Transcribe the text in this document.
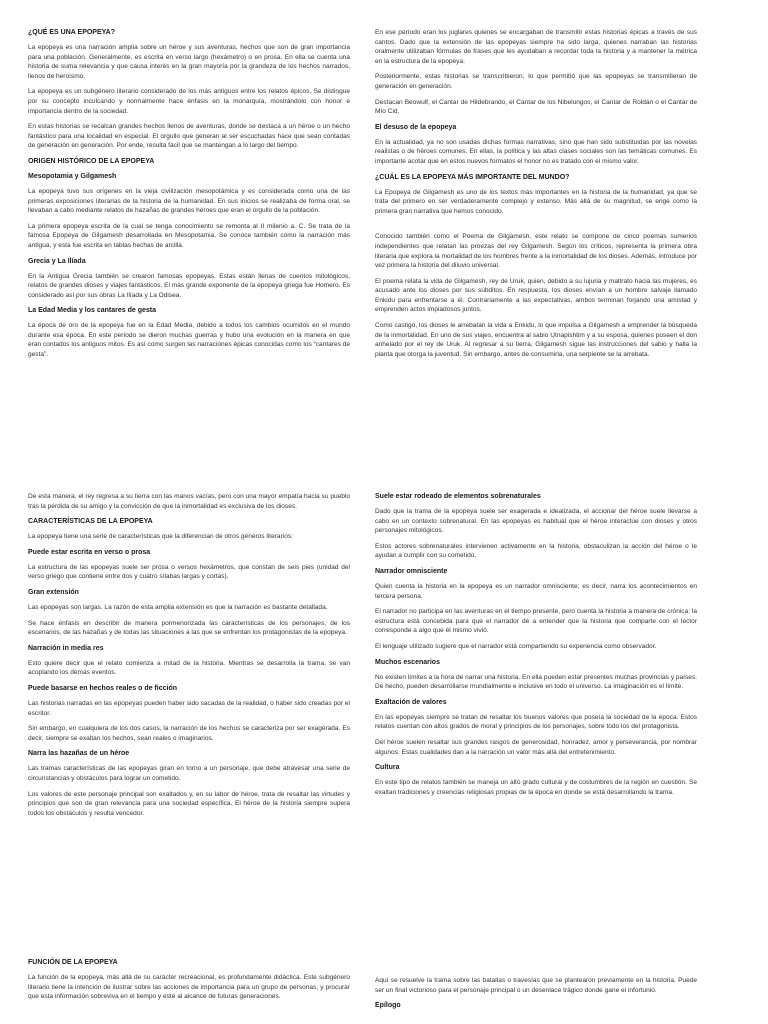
¿QUÉ ES UNA EPOPEYA?

La epopeya es una narración amplia sobre un héroe y sus aventuras, hechos que son de gran importancia para una población. Generalmente, es escrita en verso largo (hexámetro) o en prosa. En ella se cuenta una historia de suma relevancia y que causa interés en la gran mayoría por la grandeza de los hechos narrados, llenos de heroísmo.

La epopeya es un subgénero literario considerado de los más antiguos entre los relatos épicos. Se distingue por su concepto inculcando y normalmente hace énfasis en la monarquía, mostrándolo con honor e importancia dentro de la sociedad.

En estas historias se recalcan grandes hechos llenos de aventuras, donde se destaca a un héroe o un hecho fantástico para una localidad en especial. El orgullo que generan al ser escuchadas hace que sean contadas de generación en generación. Por ende, resulta fácil que se mantengan a lo largo del tiempo.

ORIGEN HISTÓRICO DE LA EPOPEYA
Mesopotamia y Gilgamesh

La epopeya tuvo sus orígenes en la vieja civilización mesopotámica y es considerada como una de las primeras exposiciones literarias de la historia de la humanidad. En sus inicios se realizaba de forma oral, se llevaban a cabo mediante relatos de hazañas de grandes héroes que eran el orgullo de la población.

La primera epopeya escrita de la cual se tenga conocimiento se remonta al II milenio a. C. Se trata de la famosa Epopeya de Gilgamesh desarrollada en Mesopotamia. Se conoce también como la narración más antigua, y esta fue escrita en tablas hechas de arcilla.

Grecia y La Ilíada

En la Antigua Grecia también se crearon famosas epopeyas. Estas están llenas de cuentos mitológicos, relatos de grandes dioses y viajes fantásticos. El más grande exponente de la epopeya griega fue Homero. Es considerado así por sus obras La Ilíada y La Odisea.

La Edad Media y los cantares de gesta

La época de oro de la epopeya fue en la Edad Media, debido a todos los cambios ocurridos en el mundo durante esa época. En este período se dieron muchas guerras y hubo una evolución en la manera en que eran contados los antiguos mitos. Es así como surgen las narraciones épicas conocidas como los “cantares de gesta”.

En ese período eran los juglares quienes se encargaban de transmitir estas historias épicas a través de sus cantos. Dado que la extensión de las epopeyas siempre ha sido larga, quienes narraban las historias oralmente utilizaban fórmulas de frases que les ayudaban a recordar toda la historia y a mantener la métrica en la estructura de la epopeya.

Posteriormente, estas historias se transcribieron, lo que permitió que las epopeyas se transmitieran de generación en generación.

Destacan Beowulf, el Cantar de Hildebrando, el Cantar de los Nibelungos, el Cantar de Roldán o el Cantar de Mío Cid.

El desuso de la epopeya

En la actualidad, ya no son usadas dichas formas narrativas, sino que han sido substituidas por las novelas realistas o de héroes comunes. En ellas, la política y las altas clases sociales son las temáticas comunes. Es importante acotar que en estos nuevos formatos el honor no es tratado con el mismo valor.

¿CUÁL ES LA EPOPEYA MÁS IMPORTANTE DEL MUNDO?

La Epopeya de Gilgamesh es uno de los textos más importantes en la historia de la humanidad, ya que se trata del primero en ser verdaderamente complejo y extenso. Más allá de su magnitud, se erige como la primera gran narrativa que hemos conocido.

Conocido también como el Poema de Gilgamesh, este relato se compone de cinco poemas sumerios independientes que relatan las proezas del rey Gilgamesh. Según los críticos, representa la primera obra literaria que explora la mortalidad de los hombres frente a la inmortalidad de los dioses. Además, introduce por vez primera la historia del diluvio universal.

El poema relata la vida de Gilgamesh, rey de Uruk, quien, debido a su lujuria y maltrato hacia las mujeres, es acusado ante los dioses por sus súbditos. En respuesta, los dioses envían a un hombre salvaje llamado Enkidu para enfrentarse a él. Contrariamente a las expectativas, ambos terminan forjando una amistad y emprenden actos impiadosos juntos.

Como castigo, los dioses le arrebatan la vida a Enkidu, lo que impulsa a Gilgamesh a emprender la búsqueda de la inmortalidad. En uno de sus viajes, encuentra al sabio Utnapishtim y a su esposa, quienes poseen el don anhelado por el rey de Uruk. Al regresar a su tierra, Gilgamesh sigue las instrucciones del sabio y halla la planta que otorga la juventud. Sin embargo, antes de consumirla, una serpiente se la arrebata.

De esta manera, el rey regresa a su tierra con las manos vacías, pero con una mayor empatía hacia su pueblo tras la pérdida de su amigo y la convicción de que la inmortalidad es exclusiva de los dioses.

CARACTERÍSTICAS DE LA EPOPEYA

La epopeya tiene una serie de características que la diferencian de otros géneros literarios:

Puede estar escrita en verso o prosa

La estructura de las epopeyas suele ser prosa o versos hexámetros, que constan de seis pies (unidad del verso griego que contiene entre dos y cuatro sílabas largas y cortas).

Gran extensión

Las epopeyas son largas. La razón de esta amplia extensión es que la narración es bastante detallada.

Se hace énfasis en describir de manera pormenorizada las características de los personajes, de los escenarios, de las hazañas y de todas las situaciones a las que se enfrentan los protagonistas de la epopeya.

Narración in media res

Esto quiere decir que el relato comienza a mitad de la historia. Mientras se desarrolla la trama, se van acoplando los demás eventos.

Puede basarse en hechos reales o de ficción

Las historias narradas en las epopeyas pueden haber sido sacadas de la realidad, o haber sido creadas por el escritor.

Sin embargo, en cualquiera de los dos casos, la narración de los hechos se caracteriza por ser exagerada. Es decir, siempre se exaltan los hechos, sean reales o imaginarios.

Narra las hazañas de un héroe

Las tramas características de las epopeyas giran en torno a un personaje, que debe atravesar una serie de circunstancias y obstáculos para lograr un cometido.

Los valores de este personaje principal son exaltados y, en su labor de héroe, trata de resaltar las virtudes y principios que son de gran relevancia para una sociedad específica. El héroe de la historia siempre supera todos los obstáculos y resulta vencedor.

Suele estar rodeado de elementos sobrenaturales

Dado que la trama de la epopeya suele ser exagerada e idealizada, el accionar del héroe suele llevarse a cabo en un contexto sobrenatural. En las epopeyas es habitual que el héroe interactúe con dioses y otros personajes mitológicos.

Estos actores sobrenaturales intervienen activamente en la historia, obstaculizan la acción del héroe o le ayudan a cumplir con su cometido.

Narrador omnisciente

Quien cuenta la historia en la epopeya es un narrador omnisciente; es decir, narra los acontecimientos en tercera persona.

El narrador no participa en las aventuras en el tiempo presente, pero cuenta la historia a manera de crónica: la estructura está concebida para que el narrador dé a entender que la historia que comparte con el lector corresponde a algo que él mismo vivió.

El lenguaje utilizado sugiere que el narrador está compartiendo su experiencia como observador.

Muchos escenarios

No existen límites a la hora de narrar una historia. En ella pueden estar presentes muchas provincias y países. De hecho, pueden desarrollarse mundialmente e inclusive en todo el universo. La imaginación es el límite.

Exaltación de valores

En las epopeyas siempre se tratan de resaltar los buenos valores que poseía la sociedad de la época. Estos relatos cuentan con altos grados de moral y principios de los personajes, sobre todo los del protagonista.

Del héroe suelen resaltar sus grandes rasgos de generosidad, honradez, amor y perseverancia, por nombrar algunos. Estas cualidades dan a la narración un valor más allá del entretenimiento.

Cultura

En este tipo de relatos también se maneja un alto grado cultural y de costumbres de la región en cuestión. Se exaltan tradiciones y creencias religiosas propias de la época en donde se está desarrollando la trama.

FUNCIÓN DE LA EPOPEYA

La función de la epopeya, más allá de su carácter recreacional, es profundamente didáctica. Este subgénero literario tiene la intención de ilustrar sobre las acciones de importancia para un grupo de personas, y procurar que esta información sobreviva en el tiempo y esté al alcance de futuras generaciones.

Aquí se resuelve la trama sobre las batallas o travesías que se plantearon previamente en la historia. Puede ser un final victorioso para el personaje principal o un desenlace trágico donde gane el infortunio.

Epílogo
